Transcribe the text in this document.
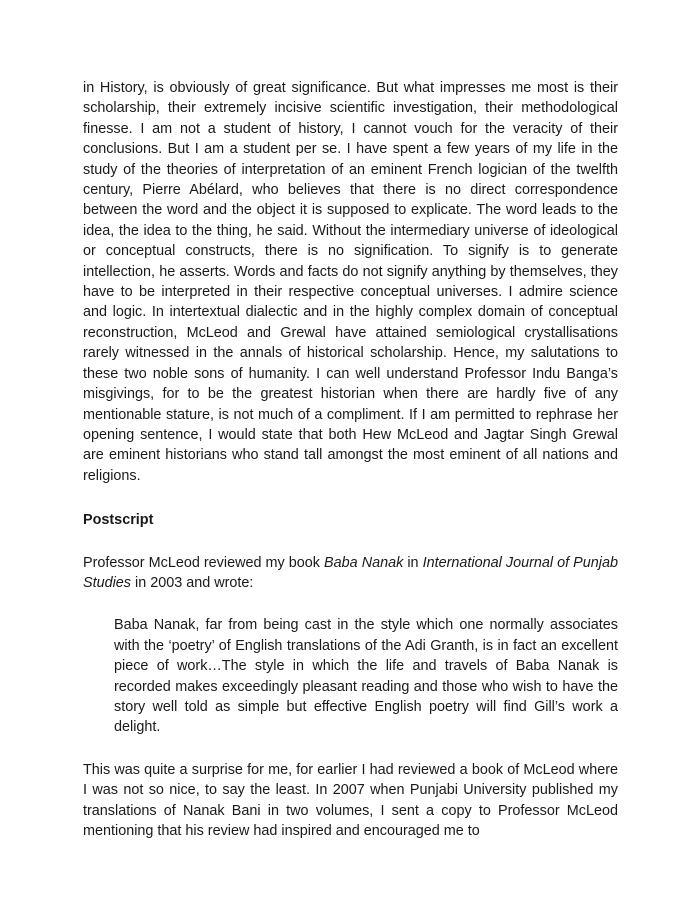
in History, is obviously of great significance. But what impresses me most is their scholarship, their extremely incisive scientific investigation, their methodological finesse. I am not a student of history, I cannot vouch for the veracity of their conclusions. But I am a student per se. I have spent a few years of my life in the study of the theories of interpretation of an eminent French logician of the twelfth century, Pierre Abélard, who believes that there is no direct correspondence between the word and the object it is supposed to explicate. The word leads to the idea, the idea to the thing, he said. Without the intermediary universe of ideological or conceptual constructs, there is no signification. To signify is to generate intellection, he asserts. Words and facts do not signify anything by themselves, they have to be interpreted in their respective conceptual universes. I admire science and logic. In intertextual dialectic and in the highly complex domain of conceptual reconstruction, McLeod and Grewal have attained semiological crystallisations rarely witnessed in the annals of historical scholarship. Hence, my salutations to these two noble sons of humanity. I can well understand Professor Indu Banga’s misgivings, for to be the greatest historian when there are hardly five of any mentionable stature, is not much of a compliment. If I am permitted to rephrase her opening sentence, I would state that both Hew McLeod and Jagtar Singh Grewal are eminent historians who stand tall amongst the most eminent of all nations and religions.

Postscript

Professor McLeod reviewed my book Baba Nanak in International Journal of Punjab Studies in 2003 and wrote:

Baba Nanak, far from being cast in the style which one normally associates with the ‘poetry’ of English translations of the Adi Granth, is in fact an excellent piece of work…The style in which the life and travels of Baba Nanak is recorded makes exceedingly pleasant reading and those who wish to have the story well told as simple but effective English poetry will find Gill’s work a delight.

This was quite a surprise for me, for earlier I had reviewed a book of McLeod where I was not so nice, to say the least. In 2007 when Punjabi University published my translations of Nanak Bani in two volumes, I sent a copy to Professor McLeod mentioning that his review had inspired and encouraged me to
